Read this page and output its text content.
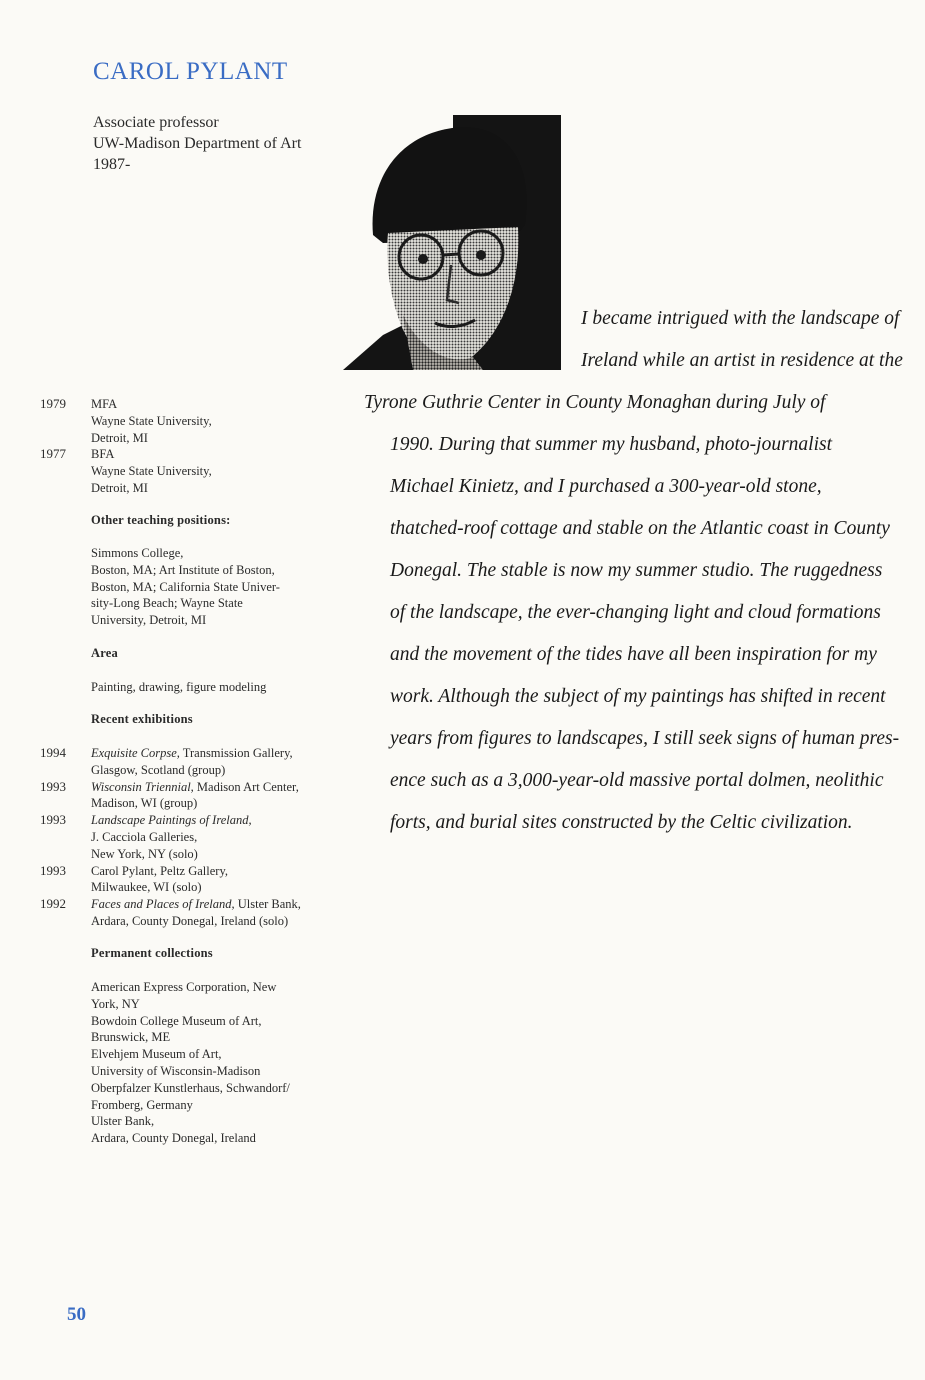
CAROL PYLANT
Associate professor
UW-Madison Department of Art
1987-
1979	MFA
Wayne State University,
Detroit, MI
1977	BFA
Wayne State University,
Detroit, MI
Other teaching positions:
Simmons College,
Boston, MA; Art Institute of Boston,
Boston, MA; California State Univer-
sity-Long Beach; Wayne State
University, Detroit, MI
Area
Painting, drawing, figure modeling
Recent exhibitions
1994	Exquisite Corpse, Transmission Gallery,
Glasgow, Scotland (group)
1993	Wisconsin Triennial, Madison Art Center,
Madison, WI (group)
1993	Landscape Paintings of Ireland,
J. Cacciola Galleries,
New York, NY (solo)
1993	Carol Pylant, Peltz Gallery,
Milwaukee, WI (solo)
1992	Faces and Places of Ireland, Ulster Bank,
Ardara, County Donegal, Ireland (solo)
Permanent collections
American Express Corporation, New
York, NY
Bowdoin College Museum of Art,
Brunswick, ME
Elvehjem Museum of Art,
University of Wisconsin-Madison
Oberpfalzer Kunstlerhaus, Schwandorf/
Fromberg, Germany
Ulster Bank,
Ardara, County Donegal, Ireland
I became intrigued with the landscape of
Ireland while an artist in residence at the
Tyrone Guthrie Center in County Monaghan during July of
1990. During that summer my husband, photo-journalist
Michael Kinietz, and I purchased a 300-year-old stone,
thatched-roof cottage and stable on the Atlantic coast in County
Donegal. The stable is now my summer studio. The ruggedness
of the landscape, the ever-changing light and cloud formations
and the movement of the tides have all been inspiration for my
work. Although the subject of my paintings has shifted in recent
years from figures to landscapes, I still seek signs of human pres-
ence such as a 3,000-year-old massive portal dolmen, neolithic
forts, and burial sites constructed by the Celtic civilization.
50
